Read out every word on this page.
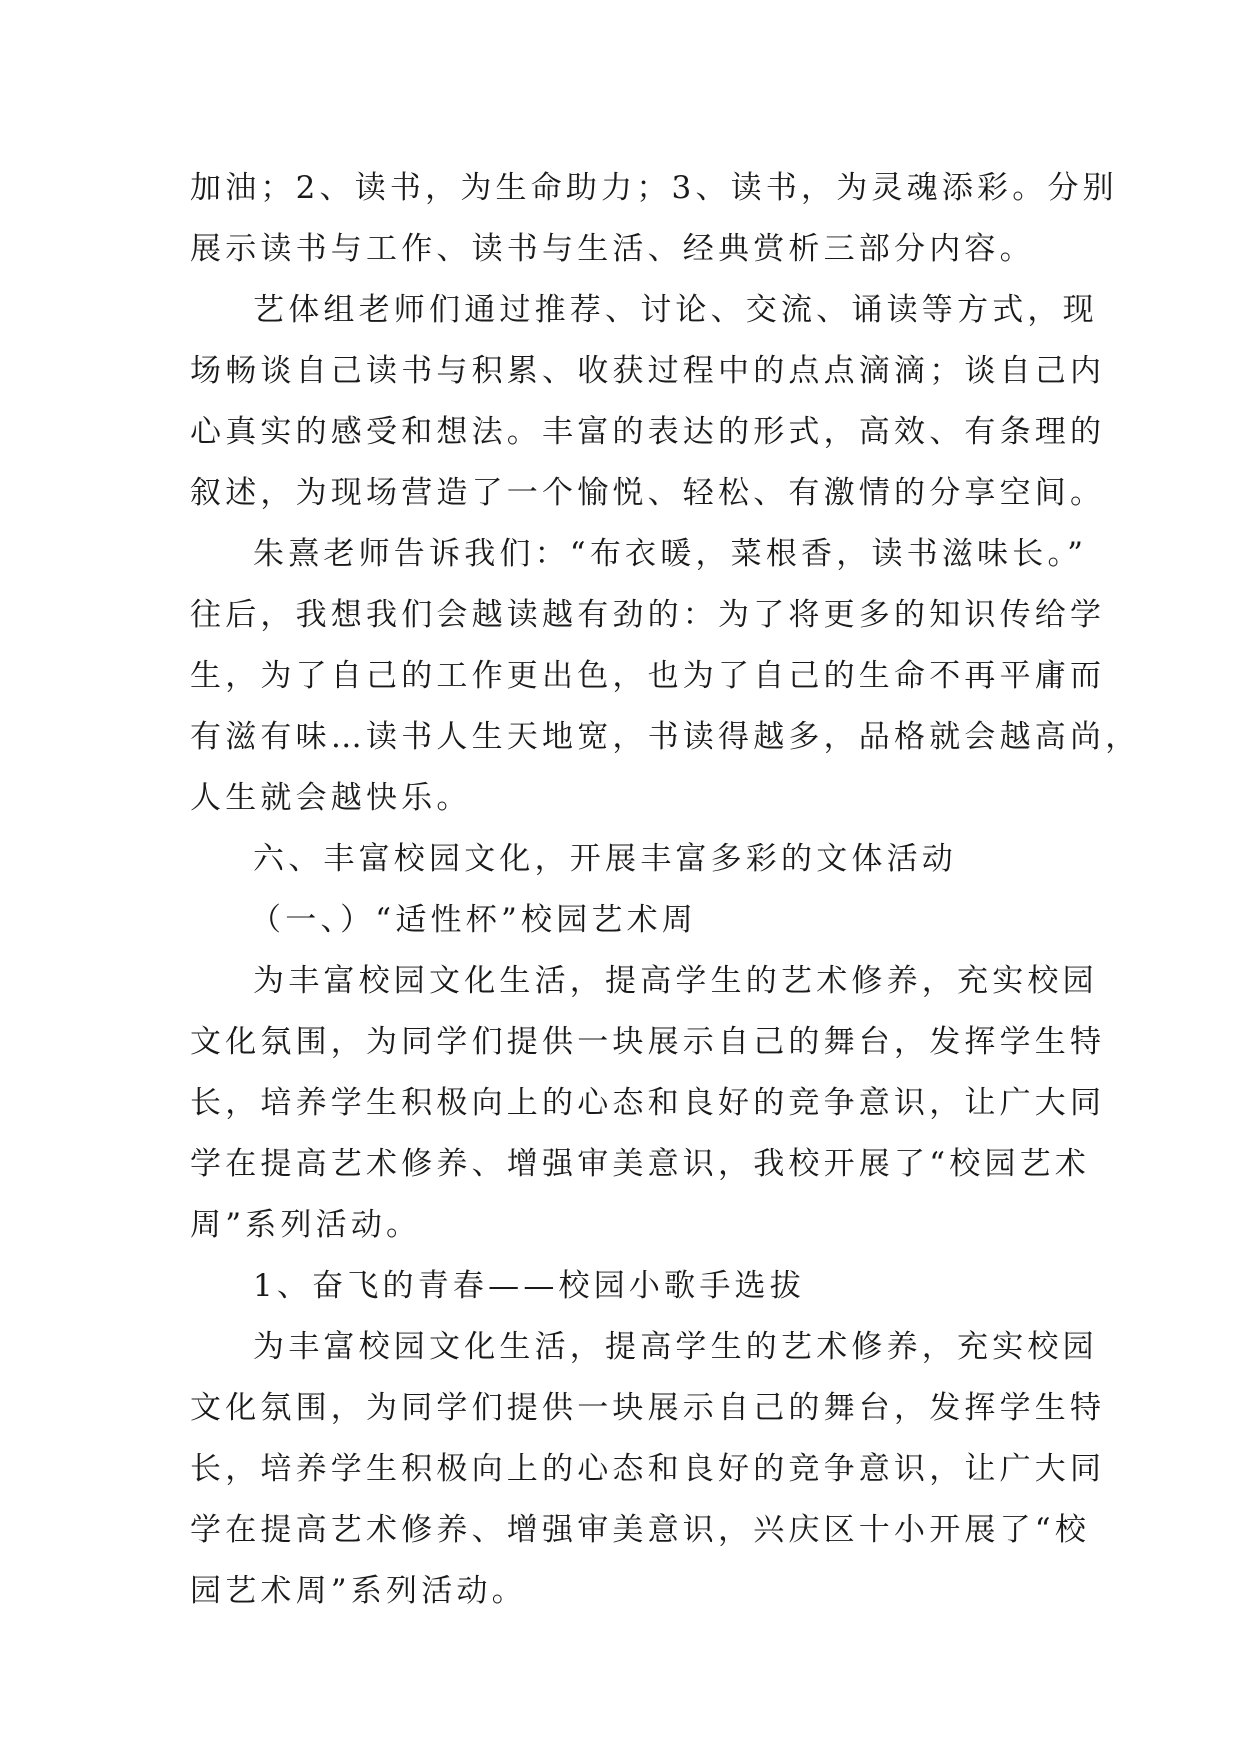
加油；2、读书，为生命助力；3、读书，为灵魂添彩。分别
展示读书与工作、读书与生活、经典赏析三部分内容。
艺体组老师们通过推荐、讨论、交流、诵读等方式，现
场畅谈自己读书与积累、收获过程中的点点滴滴；谈自己内
心真实的感受和想法。丰富的表达的形式，高效、有条理的
叙述，为现场营造了一个愉悦、轻松、有激情的分享空间。
朱熹老师告诉我们：“布衣暖，菜根香，读书滋味长。”
往后，我想我们会越读越有劲的：为了将更多的知识传给学
生，为了自己的工作更出色，也为了自己的生命不再平庸而
有滋有味…读书人生天地宽，书读得越多，品格就会越高尚，
人生就会越快乐。
六、丰富校园文化，开展丰富多彩的文体活动
（一、）“适性杯”校园艺术周
为丰富校园文化生活，提高学生的艺术修养，充实校园
文化氛围，为同学们提供一块展示自己的舞台，发挥学生特
长，培养学生积极向上的心态和良好的竞争意识，让广大同
学在提高艺术修养、增强审美意识，我校开展了“校园艺术
周”系列活动。
1、奋飞的青春——校园小歌手选拔
为丰富校园文化生活，提高学生的艺术修养，充实校园
文化氛围，为同学们提供一块展示自己的舞台，发挥学生特
长，培养学生积极向上的心态和良好的竞争意识，让广大同
学在提高艺术修养、增强审美意识，兴庆区十小开展了“校
园艺术周”系列活动。
